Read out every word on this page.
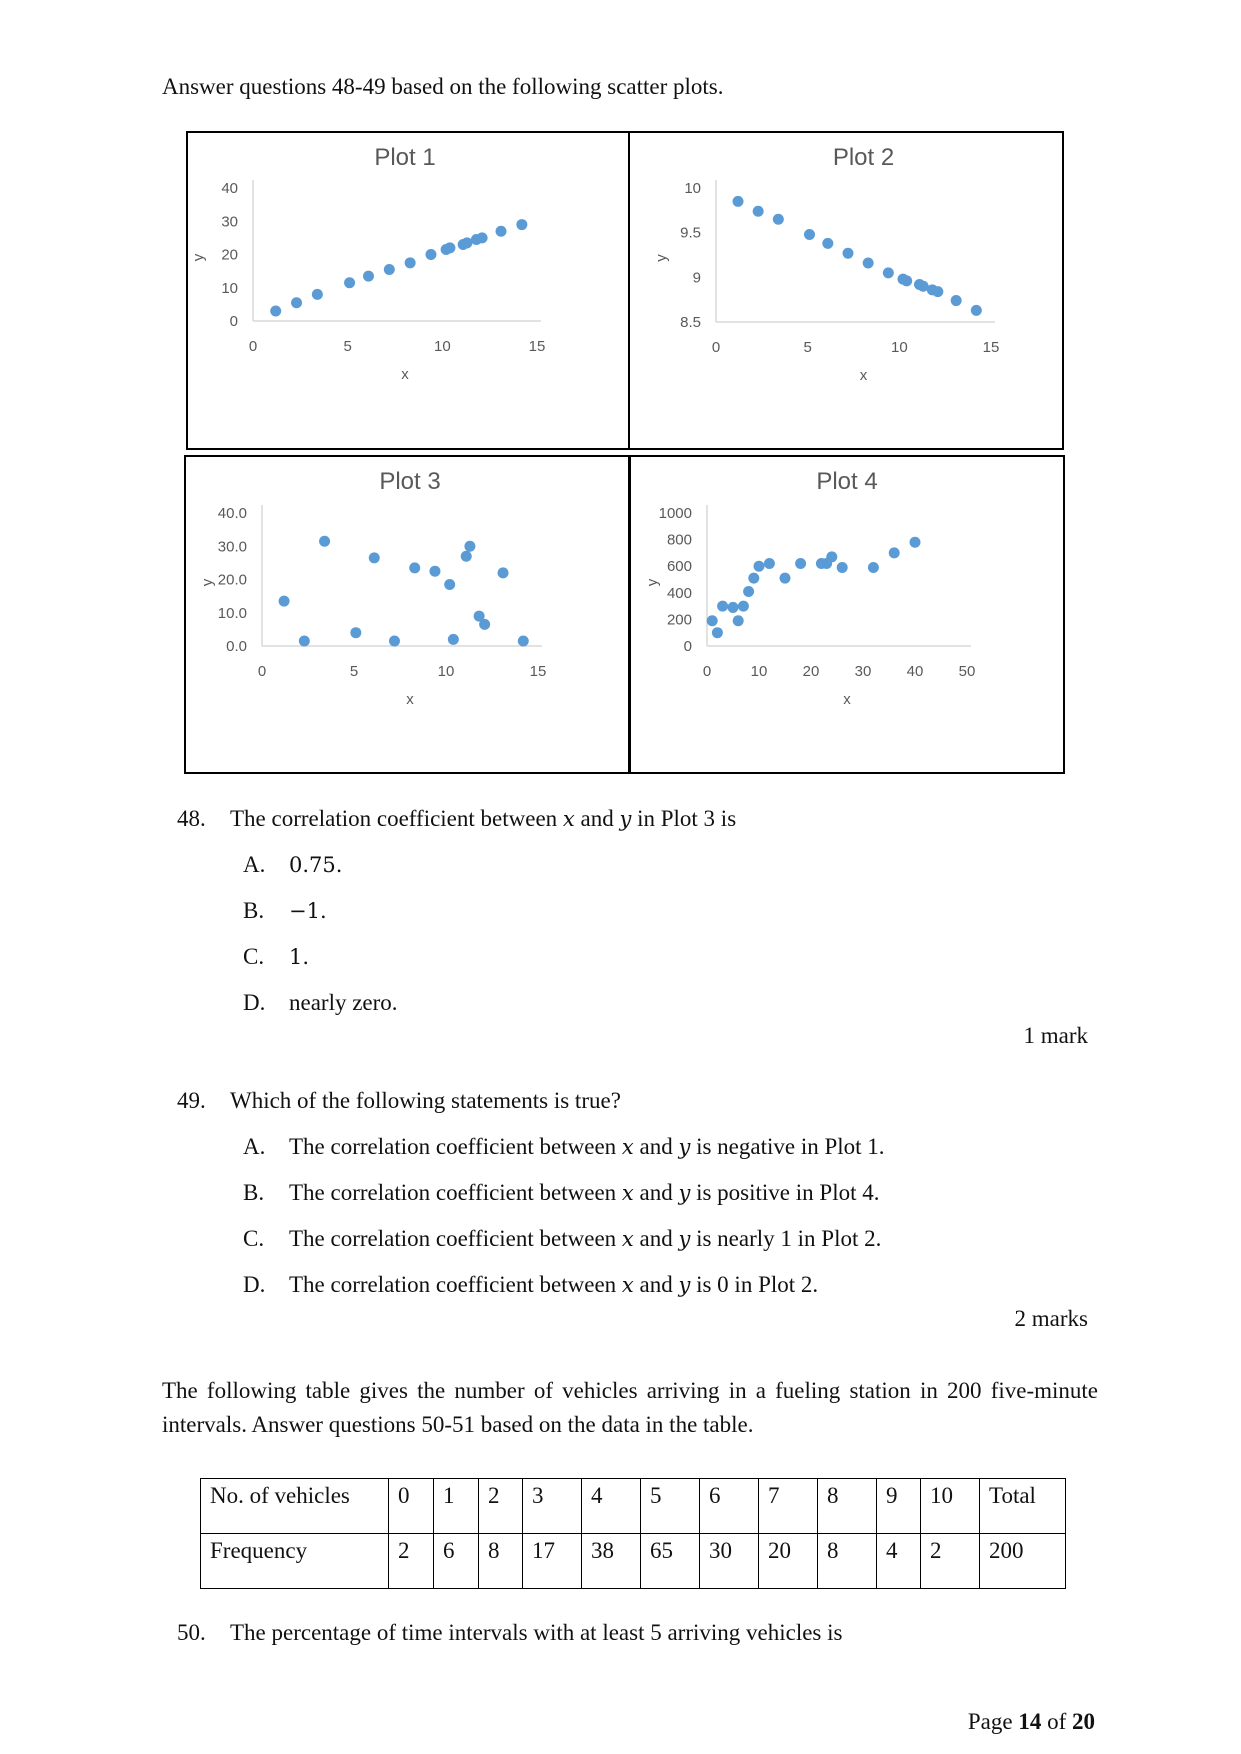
Answer questions 48-49 based on the following scatter plots.
Plot 1
0	5	10	15
0
10
20
30
40
x
y
Plot 2
0	5	10	15
8.5
9
9.5
10
x
y
Plot 3
0	5	10	15
0.0
10.0
20.0
30.0
40.0
x
y
Plot 4
0	10 20 30 40 50
0
200
400
600
800
1000
x
y
48. The correlation coefficient between x and y in Plot 3 is
A. 0.75.
B. −1.
C. 1.
D. nearly zero.
1 mark
49. Which of the following statements is true?
A. The correlation coefficient between x and y is negative in Plot 1.
B. The correlation coefficient between x and y is positive in Plot 4.
C. The correlation coefficient between x and y is nearly 1 in Plot 2.
D. The correlation coefficient between x and y is 0 in Plot 2.
2 marks
The following table gives the number of vehicles arriving in a fueling station in 200 five-minute intervals. Answer questions 50-51 based on the data in the table.
No. of vehicles	0	1	2	3	4	5	6	7	8	9	10	Total
Frequency	2	6	8	17	38	65	30	20	8	4	2	200
50. The percentage of time intervals with at least 5 arriving vehicles is
Page 14 of 20
